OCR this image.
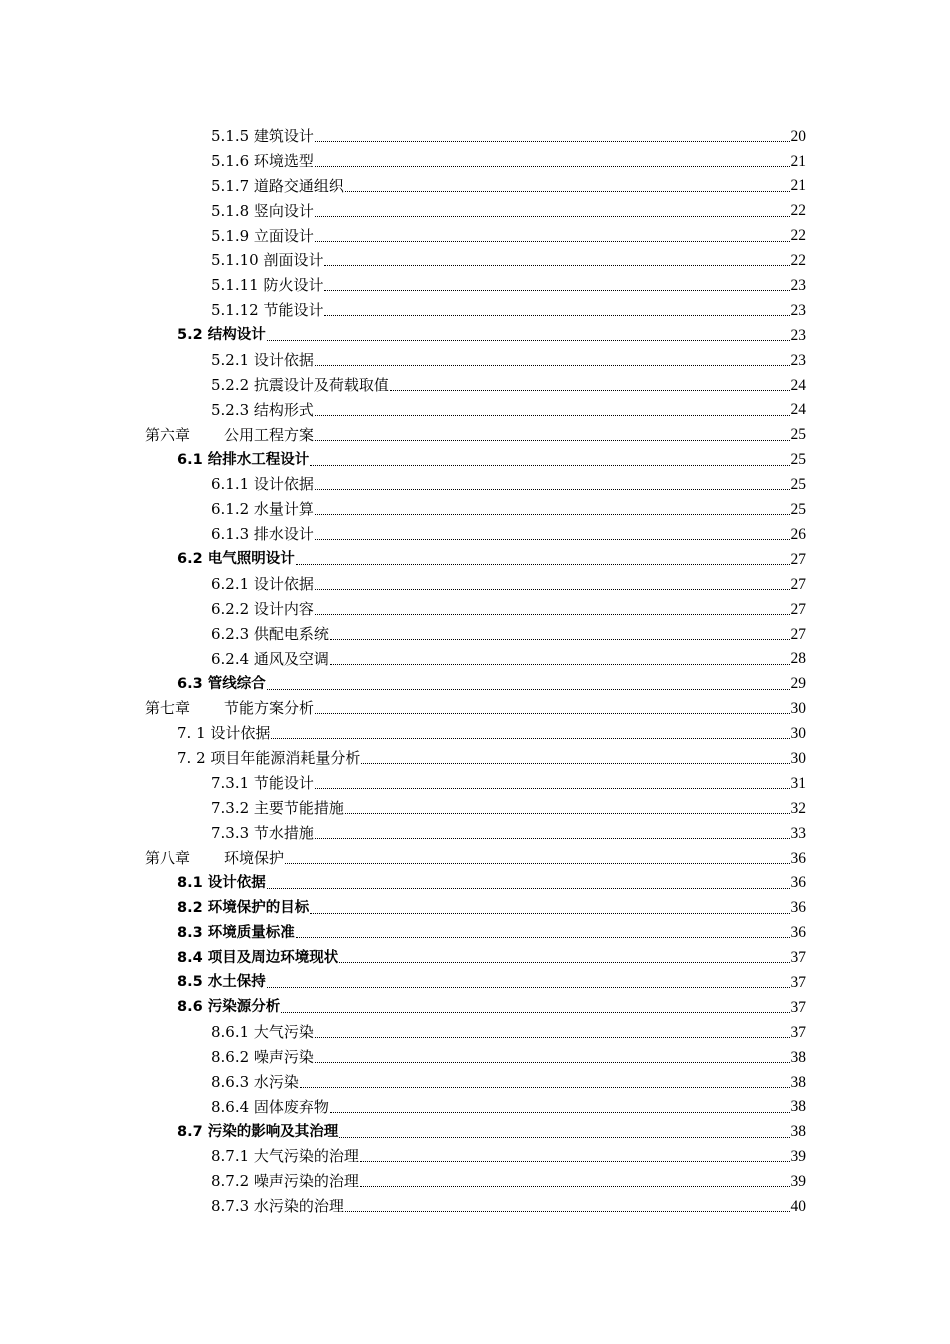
5.1.5 建筑设计	20
5.1.6 环境选型	21
5.1.7 道路交通组织	21
5.1.8 竖向设计	22
5.1.9 立面设计	22
5.1.10 剖面设计	22
5.1.11 防火设计	23
5.1.12 节能设计	23
5.2 结构设计	23
5.2.1 设计依据	23
5.2.2 抗震设计及荷载取值	24
5.2.3 结构形式	24
第六章 公用工程方案	25
6.1 给排水工程设计	25
6.1.1 设计依据	25
6.1.2 水量计算	25
6.1.3 排水设计	26
6.2 电气照明设计	27
6.2.1 设计依据	27
6.2.2 设计内容	27
6.2.3 供配电系统	27
6.2.4 通风及空调	28
6.3 管线综合	29
第七章 节能方案分析	30
7. 1 设计依据	30
7. 2 项目年能源消耗量分析	30
7.3.1 节能设计	31
7.3.2 主要节能措施	32
7.3.3 节水措施	33
第八章 环境保护	36
8.1 设计依据	36
8.2 环境保护的目标	36
8.3 环境质量标准	36
8.4 项目及周边环境现状	37
8.5 水土保持	37
8.6 污染源分析	37
8.6.1 大气污染	37
8.6.2 噪声污染	38
8.6.3 水污染	38
8.6.4 固体废弃物	38
8.7 污染的影响及其治理	38
8.7.1 大气污染的治理	39
8.7.2 噪声污染的治理	39
8.7.3 水污染的治理	40
